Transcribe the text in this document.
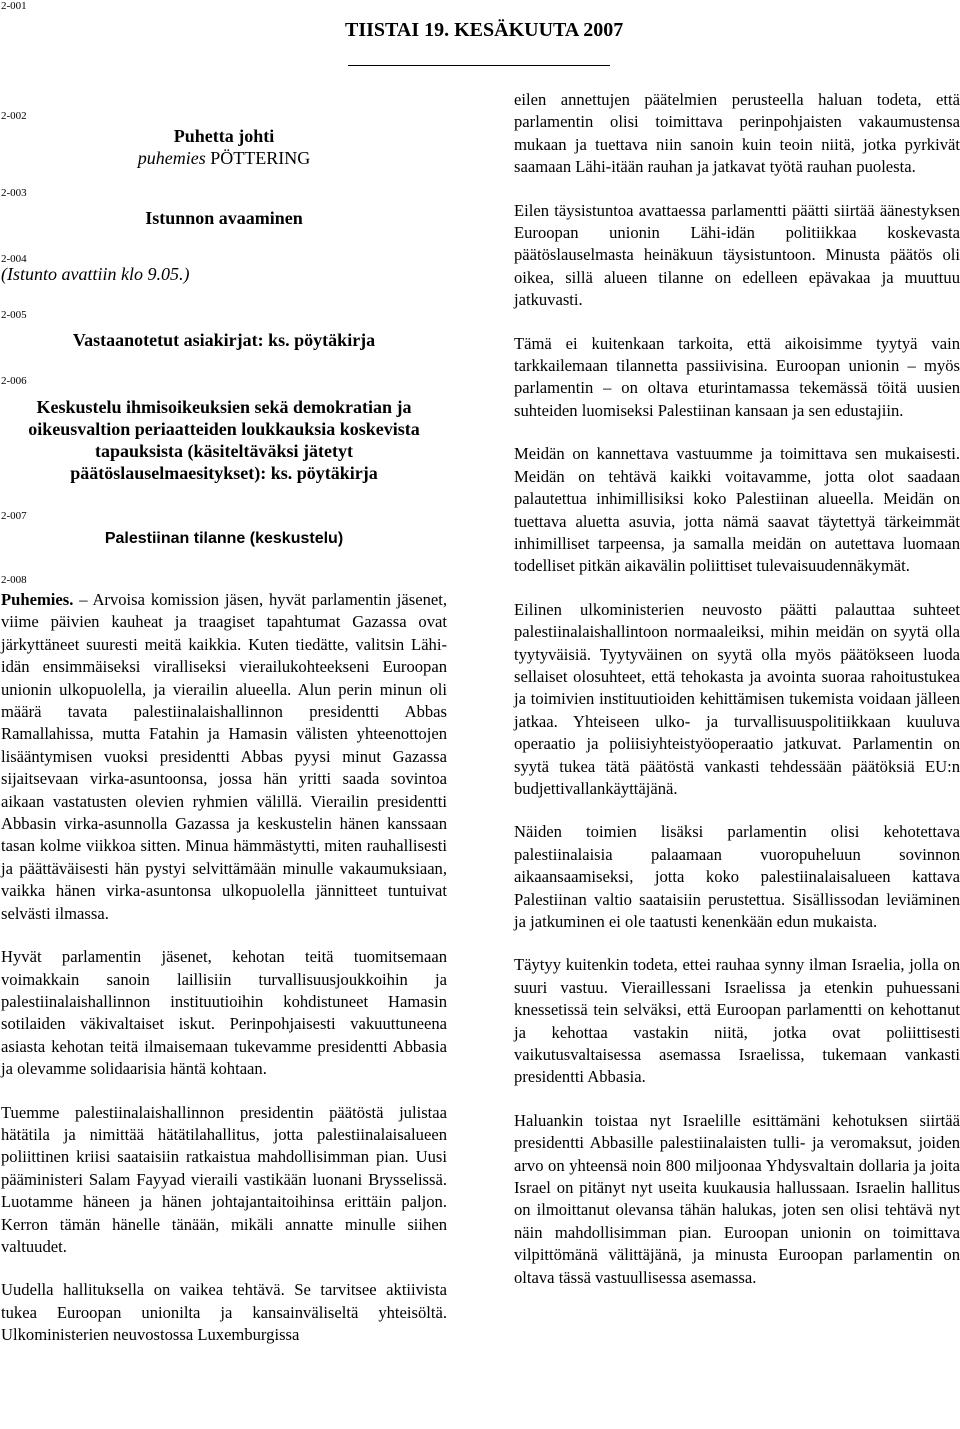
2-001
2-002
2-003
2-004
2-005
2-006
2-007
2-008
TIISTAI 19. KESÄKUUTA 2007
Puhetta johti
puhemies PÖTTERING
Istunnon avaaminen
(Istunto avattiin klo 9.05.)
Vastaanotetut asiakirjat: ks. pöytäkirja
Keskustelu ihmisoikeuksien sekä demokratian ja
oikeusvaltion periaatteiden loukkauksia koskevista
tapauksista (käsiteltäväksi jätetyt
päätöslauselmaesitykset): ks. pöytäkirja
Palestiinan tilanne (keskustelu)

Puhemies. – Arvoisa komission jäsen, hyvät parlamentin jäsenet, viime päivien kauheat ja traagiset tapahtumat Gazassa ovat järkyttäneet suuresti meitä kaikkia. Kuten tiedätte, valitsin Lähi-idän ensimmäiseksi viralliseksi vierailukohteekseni Euroopan unionin ulkopuolella, ja vierailin alueella. Alun perin minun oli määrä tavata palestiinalaishallinnon presidentti Abbas Ramallahissa, mutta Fatahin ja Hamasin välisten yhteenottojen lisääntymisen vuoksi presidentti Abbas pyysi minut Gazassa sijaitsevaan virka-asuntoonsa, jossa hän yritti saada sovintoa aikaan vastatusten olevien ryhmien välillä. Vierailin presidentti Abbasin virka-asunnolla Gazassa ja keskustelin hänen kanssaan tasan kolme viikkoa sitten. Minua hämmästytti, miten rauhallisesti ja päättäväisesti hän pystyi selvittämään minulle vakaumuksiaan, vaikka hänen virka-asuntonsa ulkopuolella jännitteet tuntuivat selvästi ilmassa.

Hyvät parlamentin jäsenet, kehotan teitä tuomitsemaan voimakkain sanoin laillisiin turvallisuusjoukkoihin ja palestiinalaishallinnon instituutioihin kohdistuneet Hamasin sotilaiden väkivaltaiset iskut. Perinpohjaisesti vakuuttuneena asiasta kehotan teitä ilmaisemaan tukevamme presidentti Abbasia ja olevamme solidaarisia häntä kohtaan.

Tuemme palestiinalaishallinnon presidentin päätöstä julistaa hätätila ja nimittää hätätilahallitus, jotta palestiinalaisalueen poliittinen kriisi saataisiin ratkaistua mahdollisimman pian. Uusi pääministeri Salam Fayyad vieraili vastikään luonani Brysselissä. Luotamme häneen ja hänen johtajantaitoihinsa erittäin paljon. Kerron tämän hänelle tänään, mikäli annatte minulle siihen valtuudet.

Uudella hallituksella on vaikea tehtävä. Se tarvitsee aktiivista tukea Euroopan unionilta ja kansainväliseltä yhteisöltä. Ulkoministerien neuvostossa Luxemburgissa

eilen annettujen päätelmien perusteella haluan todeta, että parlamentin olisi toimittava perinpohjaisten vakaumustensa mukaan ja tuettava niin sanoin kuin teoin niitä, jotka pyrkivät saamaan Lähi-itään rauhan ja jatkavat työtä rauhan puolesta.

Eilen täysistuntoa avattaessa parlamentti päätti siirtää äänestyksen Euroopan unionin Lähi-idän politiikkaa koskevasta päätöslauselmasta heinäkuun täysistuntoon. Minusta päätös oli oikea, sillä alueen tilanne on edelleen epävakaa ja muuttuu jatkuvasti.

Tämä ei kuitenkaan tarkoita, että aikoisimme tyytyä vain tarkkailemaan tilannetta passiivisina. Euroopan unionin – myös parlamentin – on oltava eturintamassa tekemässä töitä uusien suhteiden luomiseksi Palestiinan kansaan ja sen edustajiin.

Meidän on kannettava vastuumme ja toimittava sen mukaisesti. Meidän on tehtävä kaikki voitavamme, jotta olot saadaan palautettua inhimillisiksi koko Palestiinan alueella. Meidän on tuettava aluetta asuvia, jotta nämä saavat täytettyä tärkeimmät inhimilliset tarpeensa, ja samalla meidän on autettava luomaan todelliset pitkän aikavälin poliittiset tulevaisuudennäkymät.

Eilinen ulkoministerien neuvosto päätti palauttaa suhteet palestiinalaishallintoon normaaleiksi, mihin meidän on syytä olla tyytyväisiä. Tyytyväinen on syytä olla myös päätökseen luoda sellaiset olosuhteet, että tehokasta ja avointa suoraa rahoitustukea ja toimivien instituutioiden kehittämisen tukemista voidaan jälleen jatkaa. Yhteiseen ulko- ja turvallisuuspolitiikkaan kuuluva operaatio ja poliisiyhteistyöoperaatio jatkuvat. Parlamentin on syytä tukea tätä päätöstä vankasti tehdessään päätöksiä EU:n budjettivallankäyttäjänä.

Näiden toimien lisäksi parlamentin olisi kehotettava palestiinalaisia palaamaan vuoropuheluun sovinnon aikaansaamiseksi, jotta koko palestiinalaisalueen kattava Palestiinan valtio saataisiin perustettua. Sisällissodan leviäminen ja jatkuminen ei ole taatusti kenenkään edun mukaista.

Täytyy kuitenkin todeta, ettei rauhaa synny ilman Israelia, jolla on suuri vastuu. Vieraillessani Israelissa ja etenkin puhuessani knessetissä tein selväksi, että Euroopan parlamentti on kehottanut ja kehottaa vastakin niitä, jotka ovat poliittisesti vaikutusvaltaisessa asemassa Israelissa, tukemaan vankasti presidentti Abbasia.

Haluankin toistaa nyt Israelille esittämäni kehotuksen siirtää presidentti Abbasille palestiinalaisten tulli- ja veromaksut, joiden arvo on yhteensä noin 800 miljoonaa Yhdysvaltain dollaria ja joita Israel on pitänyt nyt useita kuukausia hallussaan. Israelin hallitus on ilmoittanut olevansa tähän halukas, joten sen olisi tehtävä nyt näin mahdollisimman pian. Euroopan unionin on toimittava vilpittömänä välittäjänä, ja minusta Euroopan parlamentin on oltava tässä vastuullisessa asemassa.
